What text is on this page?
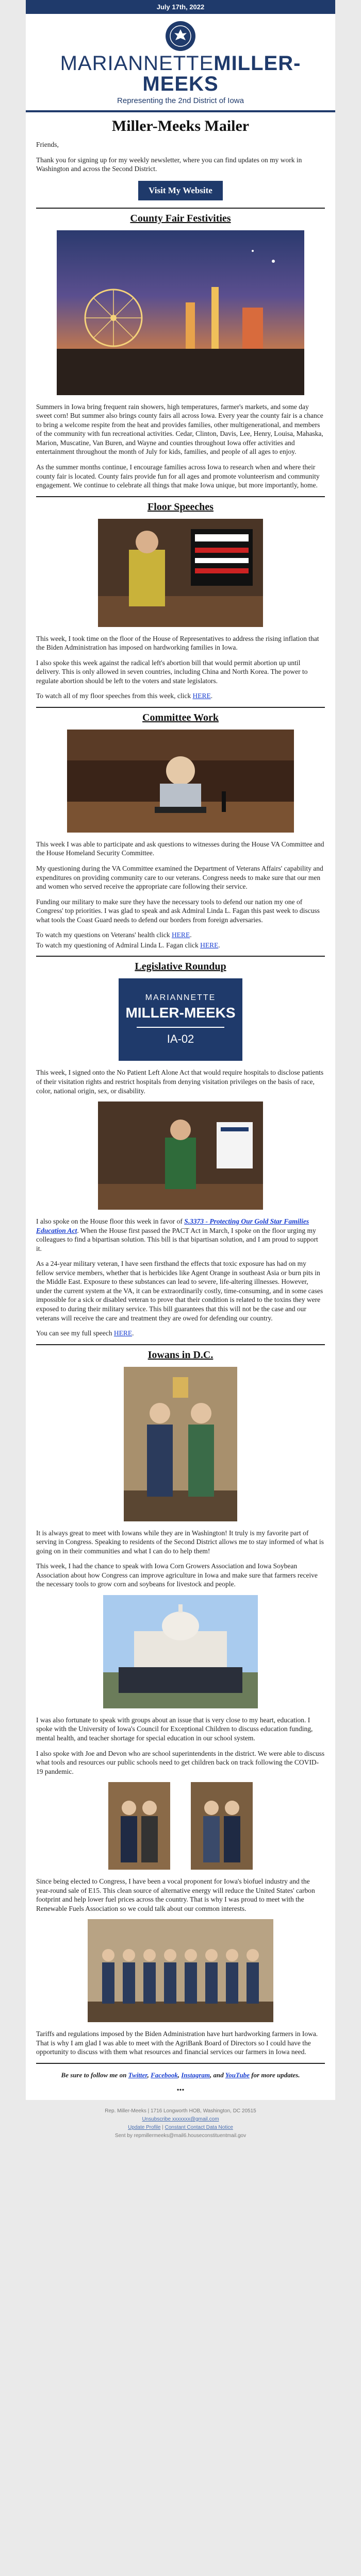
July 17th, 2022
MARIANNETTEMILLER-MEEKS
Representing the 2nd District of Iowa
Miller-Meeks Mailer

Friends,

Thank you for signing up for my weekly newsletter, where you can find updates on my work in Washington and across the Second District.

Visit My Website
County Fair Festivities

Summers in Iowa bring frequent rain showers, high temperatures, farmer's markets, and some day sweet corn! But summer also brings county fairs all across Iowa. Every year the county fair is a chance to bring a welcome respite from the heat and provides families, other multigenerational, and members of the community with fun recreational activities. Cedar, Clinton, Davis, Lee, Henry, Louisa, Mahaska, Marion, Muscatine, Van Buren, and Wayne and counties throughout Iowa offer activities and entertainment throughout the month of July for kids, families, and people of all ages to enjoy.

As the summer months continue, I encourage families across Iowa to research when and where their county fair is located. County fairs provide fun for all ages and promote volunteerism and community engagement. We continue to celebrate all things that make Iowa unique, but more importantly, home.

Floor Speeches

This week, I took time on the floor of the House of Representatives to address the rising inflation that the Biden Administration has imposed on hardworking families in Iowa.

I also spoke this week against the radical left's abortion bill that would permit abortion up until delivery. This is only allowed in seven countries, including China and North Korea. The power to regulate abortion should be left to the voters and state legislators.

To watch all of my floor speeches from this week, click HERE.

Committee Work

This week I was able to participate and ask questions to witnesses during the House VA Committee and the House Homeland Security Committee.

My questioning during the VA Committee examined the Department of Veterans Affairs' capability and expenditures on providing community care to our veterans. Congress needs to make sure that our men and women who served receive the appropriate care following their service.

Funding our military to make sure they have the necessary tools to defend our nation my one of Congress' top priorities. I was glad to speak and ask Admiral Linda L. Fagan this past week to discuss what tools the Coast Guard needs to defend our borders from foreign adversaries.

To watch my questions on Veterans' health click HERE.

To watch my questioning of Admiral Linda L. Fagan click HERE.

Legislative Roundup
MARIANNETTE
MILLER-MEEKS
IA-02

This week, I signed onto the No Patient Left Alone Act that would require hospitals to disclose patients of their visitation rights and restrict hospitals from denying visitation privileges on the basis of race, color, national origin, sex, or disability.

I also spoke on the House floor this week in favor of S.3373 - Protecting Our Gold Star Families Education Act. When the House first passed the PACT Act in March, I spoke on the floor urging my colleagues to find a bipartisan solution. This bill is that bipartisan solution, and I am proud to support it.

As a 24-year military veteran, I have seen firsthand the effects that toxic exposure has had on my fellow service members, whether that is herbicides like Agent Orange in southeast Asia or burn pits in the Middle East. Exposure to these substances can lead to severe, life-altering illnesses. However, under the current system at the VA, it can be extraordinarily costly, time-consuming, and in some cases impossible for a sick or disabled veteran to prove that their condition is related to the toxins they were exposed to during their military service. This bill guarantees that this will not be the case and our veterans will receive the care and treatment they are owed for defending our country.

You can see my full speech HERE.

Iowans in D.C.

It is always great to meet with Iowans while they are in Washington! It truly is my favorite part of serving in Congress. Speaking to residents of the Second District allows me to stay informed of what is going on in their communities and what I can do to help them!

This week, I had the chance to speak with Iowa Corn Growers Association and Iowa Soybean Association about how Congress can improve agriculture in Iowa and make sure that farmers receive the necessary tools to grow corn and soybeans for livestock and people.

I was also fortunate to speak with groups about an issue that is very close to my heart, education. I spoke with the University of Iowa's Council for Exceptional Children to discuss education funding, mental health, and teacher shortage for special education in our school system.

I also spoke with Joe and Devon who are school superintendents in the district. We were able to discuss what tools and resources our public schools need to get children back on track following the COVID-19 pandemic.

Since being elected to Congress, I have been a vocal proponent for Iowa's biofuel industry and the year-round sale of E15. This clean source of alternative energy will reduce the United States' carbon footprint and help lower fuel prices across the country. That is why I was proud to meet with the Renewable Fuels Association so we could talk about our common interests.

Tariffs and regulations imposed by the Biden Administration have hurt hardworking farmers in Iowa. That is why I am glad I was able to meet with the AgriBank Board of Directors so I could have the opportunity to discuss with them what resources and financial services our farmers in Iowa need.

Be sure to follow me on Twitter, Facebook, Instagram, and YouTube for more updates.
•••
Rep. Miller-Meeks | 1716 Longworth HOB, Washington, DC 20515
Unsubscribe xxxxxxx@gmail.com
Update Profile | Constant Contact Data Notice
Sent by repmillermeeks@mail6.houseconstituentmail.gov
